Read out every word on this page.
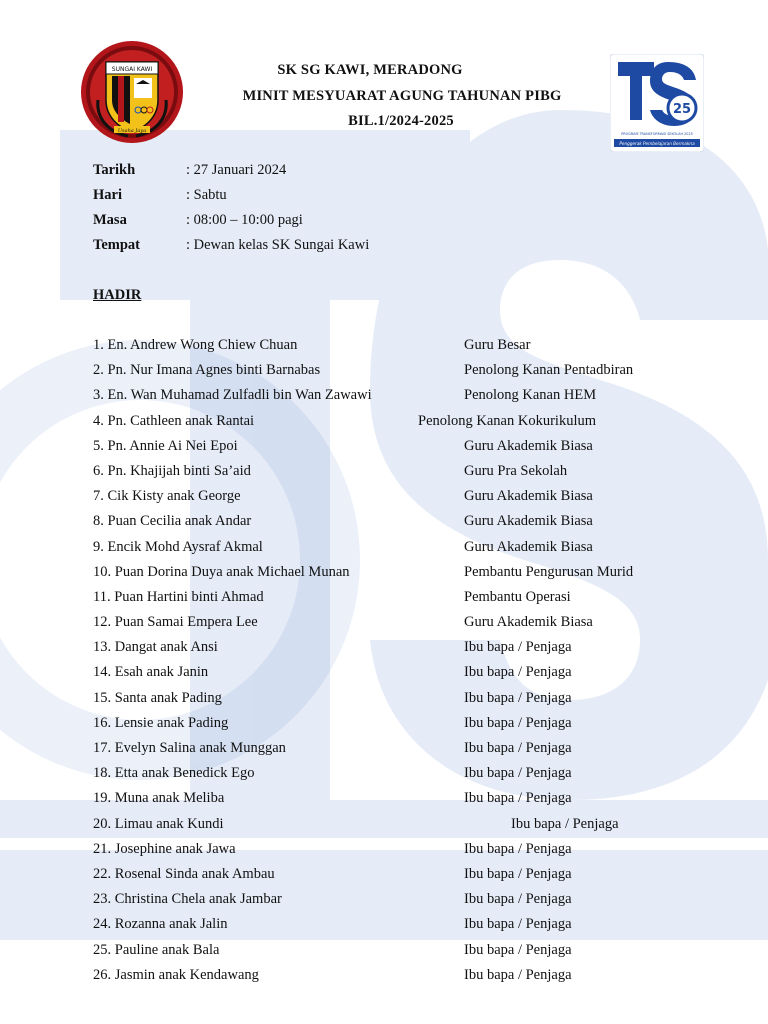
SUNGAI KAWI
Usaha Jaya
SK SG KAWI, MERADONG
MINIT MESYUARAT AGUNG TAHUNAN PIBG
BIL.1/2024-2025
25
PROGRAM TRANSFORMASI SEKOLAH 2025
Penggerak Pembelajaran Bermakna
Tarikh	: 27 Januari 2024
Hari	: Sabtu
Masa	: 08:00 – 10:00 pagi
Tempat	: Dewan kelas SK Sungai Kawi
HADIR
1. En. Andrew Wong Chiew Chuan	Guru Besar
2. Pn. Nur Imana Agnes binti Barnabas	Penolong Kanan Pentadbiran
3. En. Wan Muhamad Zulfadli bin Wan Zawawi	Penolong Kanan HEM
4. Pn. Cathleen anak Rantai	Penolong Kanan Kokurikulum
5. Pn. Annie Ai Nei Epoi	Guru Akademik Biasa
6. Pn. Khajijah binti Sa’aid	Guru Pra Sekolah
7. Cik Kisty anak George	Guru Akademik Biasa
8. Puan Cecilia anak Andar	Guru Akademik Biasa
9. Encik Mohd Aysraf Akmal	Guru Akademik Biasa
10. Puan Dorina Duya anak Michael Munan	Pembantu Pengurusan Murid
11. Puan Hartini binti Ahmad	Pembantu Operasi
12. Puan Samai Empera Lee	Guru Akademik Biasa
13. Dangat anak Ansi	Ibu bapa / Penjaga
14. Esah anak Janin	Ibu bapa / Penjaga
15. Santa anak Pading	Ibu bapa / Penjaga
16. Lensie anak Pading	Ibu bapa / Penjaga
17. Evelyn Salina anak Munggan	Ibu bapa / Penjaga
18. Etta anak Benedick Ego	Ibu bapa / Penjaga
19. Muna anak Meliba	Ibu bapa / Penjaga
20. Limau anak Kundi	Ibu bapa / Penjaga
21. Josephine anak Jawa	Ibu bapa / Penjaga
22. Rosenal Sinda anak Ambau	Ibu bapa / Penjaga
23. Christina Chela anak Jambar	Ibu bapa / Penjaga
24. Rozanna anak Jalin	Ibu bapa / Penjaga
25. Pauline anak Bala	Ibu bapa / Penjaga
26. Jasmin anak Kendawang	Ibu bapa / Penjaga
